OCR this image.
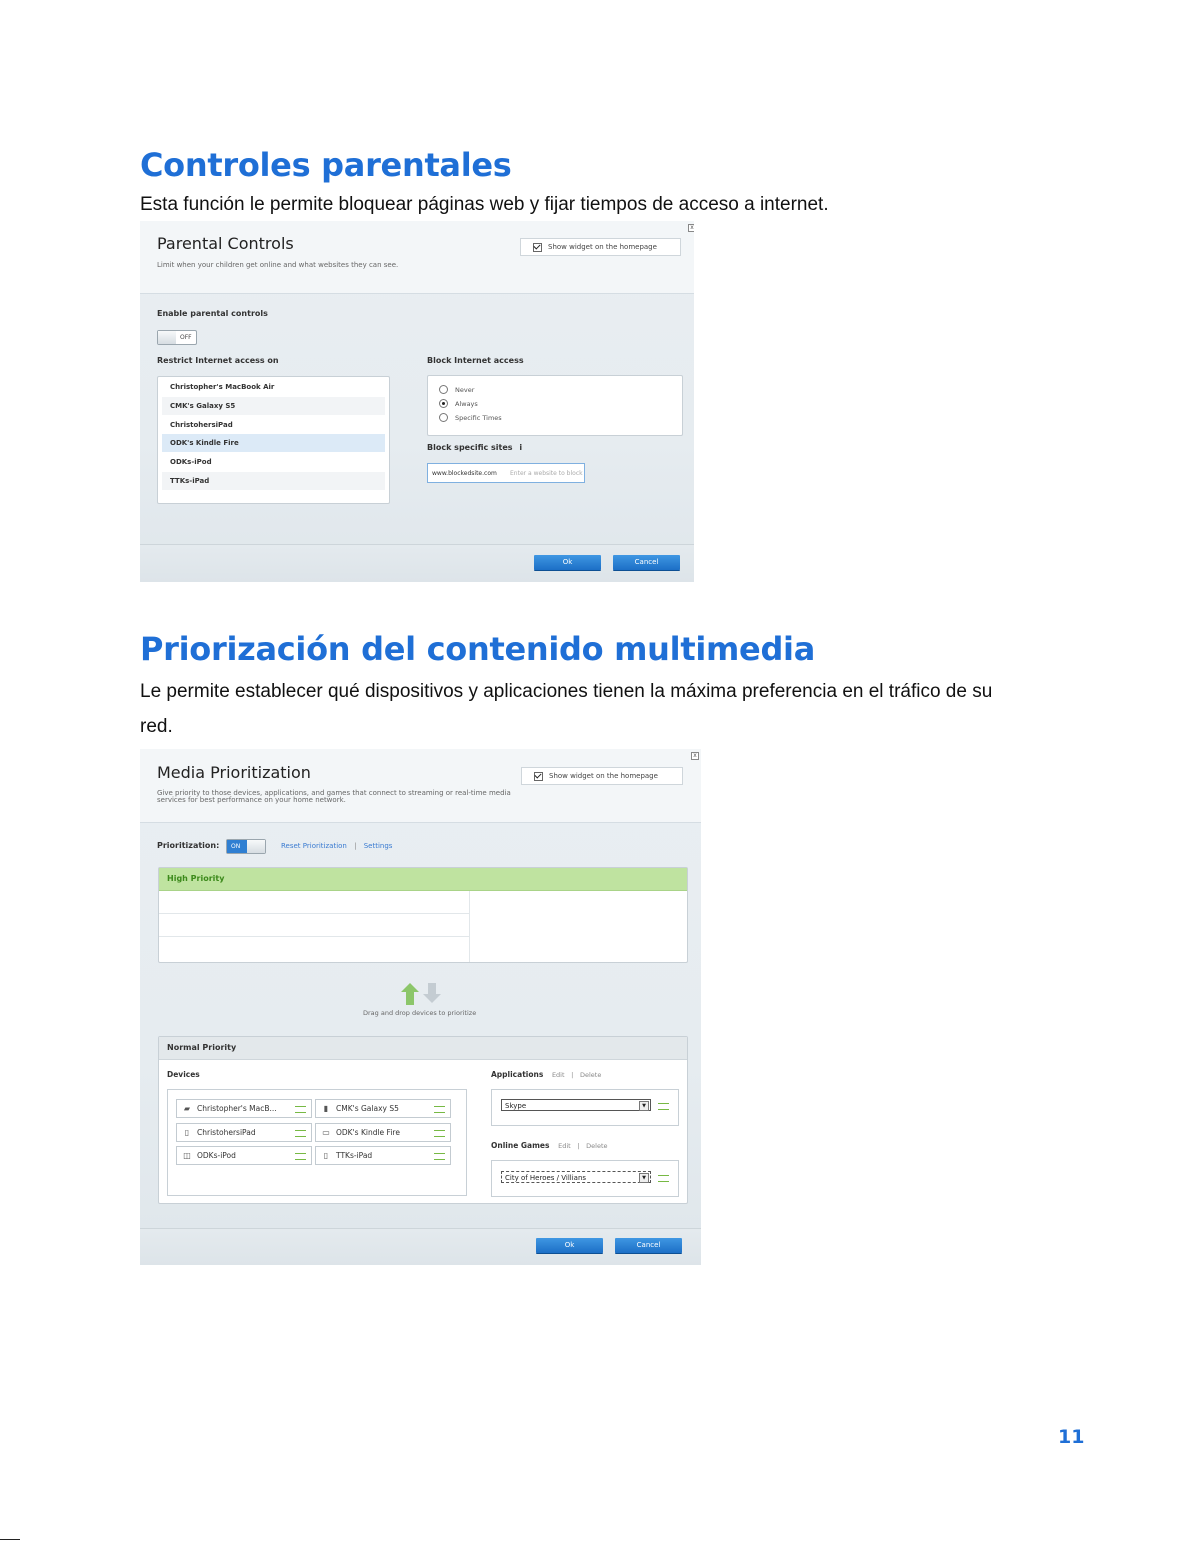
Controles parentales
Esta función le permite bloquear páginas web y fijar tiempos de acceso a internet.
Parental Controls
Limit when your children get online and what websites they can see.
Show widget on the homepage
x
Enable parental controls
OFF
Restrict Internet access on
Christopher's MacBook Air
CMK's Galaxy S5
ChristohersiPad
ODK's Kindle Fire
ODKs-iPod
TTKs-iPad
Block Internet access
Never
Always
Specific Times
Block specific sites i
www.blockedsite.com	Enter a website to block
Ok	Cancel
Priorización del contenido multimedia
Le permite establecer qué dispositivos y aplicaciones tienen la máxima preferencia en el tráfico de su
red.
Media Prioritization
Give priority to those devices, applications, and games that connect to streaming or real-time media
services for best performance on your home network.
Show widget on the homepage
x
Prioritization: ON	Reset Prioritization | Settings
High Priority
Drag and drop devices to prioritize
Normal Priority
Devices
▰ Christopher's MacB...	▮	CMK's Galaxy S5
▯	ChristohersiPad	▭ ODK's Kindle Fire
◫ ODKs-iPod	▯	TTKs-iPad
Applications Edit | Delete
Skype	▼
Online Games Edit | Delete
City of Heroes / Villians	▼
Ok	Cancel
11
